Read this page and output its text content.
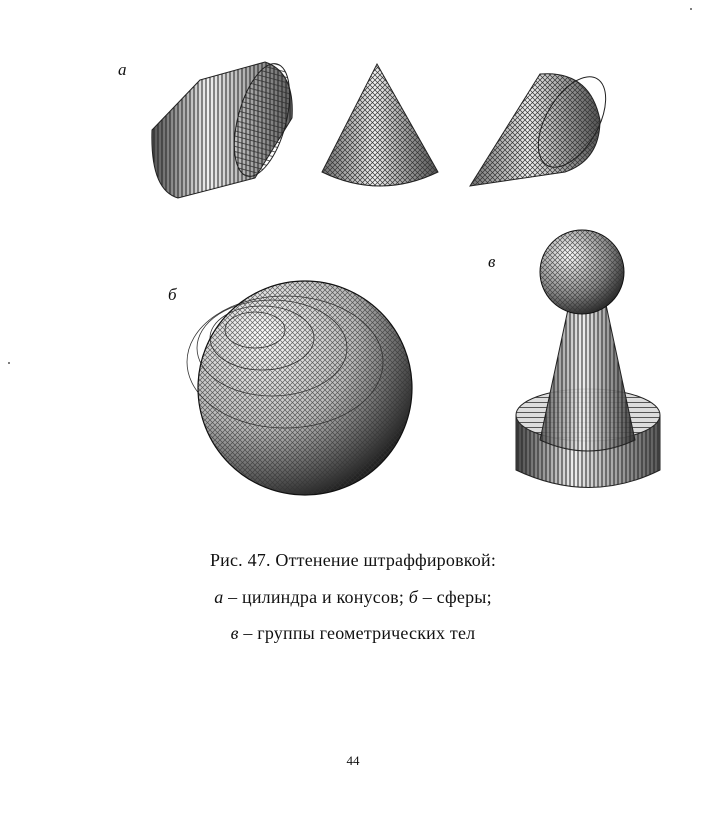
а
б
в
Рис. 47. Оттенение штраффировкой:
а – цилиндра и конусов; б – сферы;
в – группы геометрических тел
44
